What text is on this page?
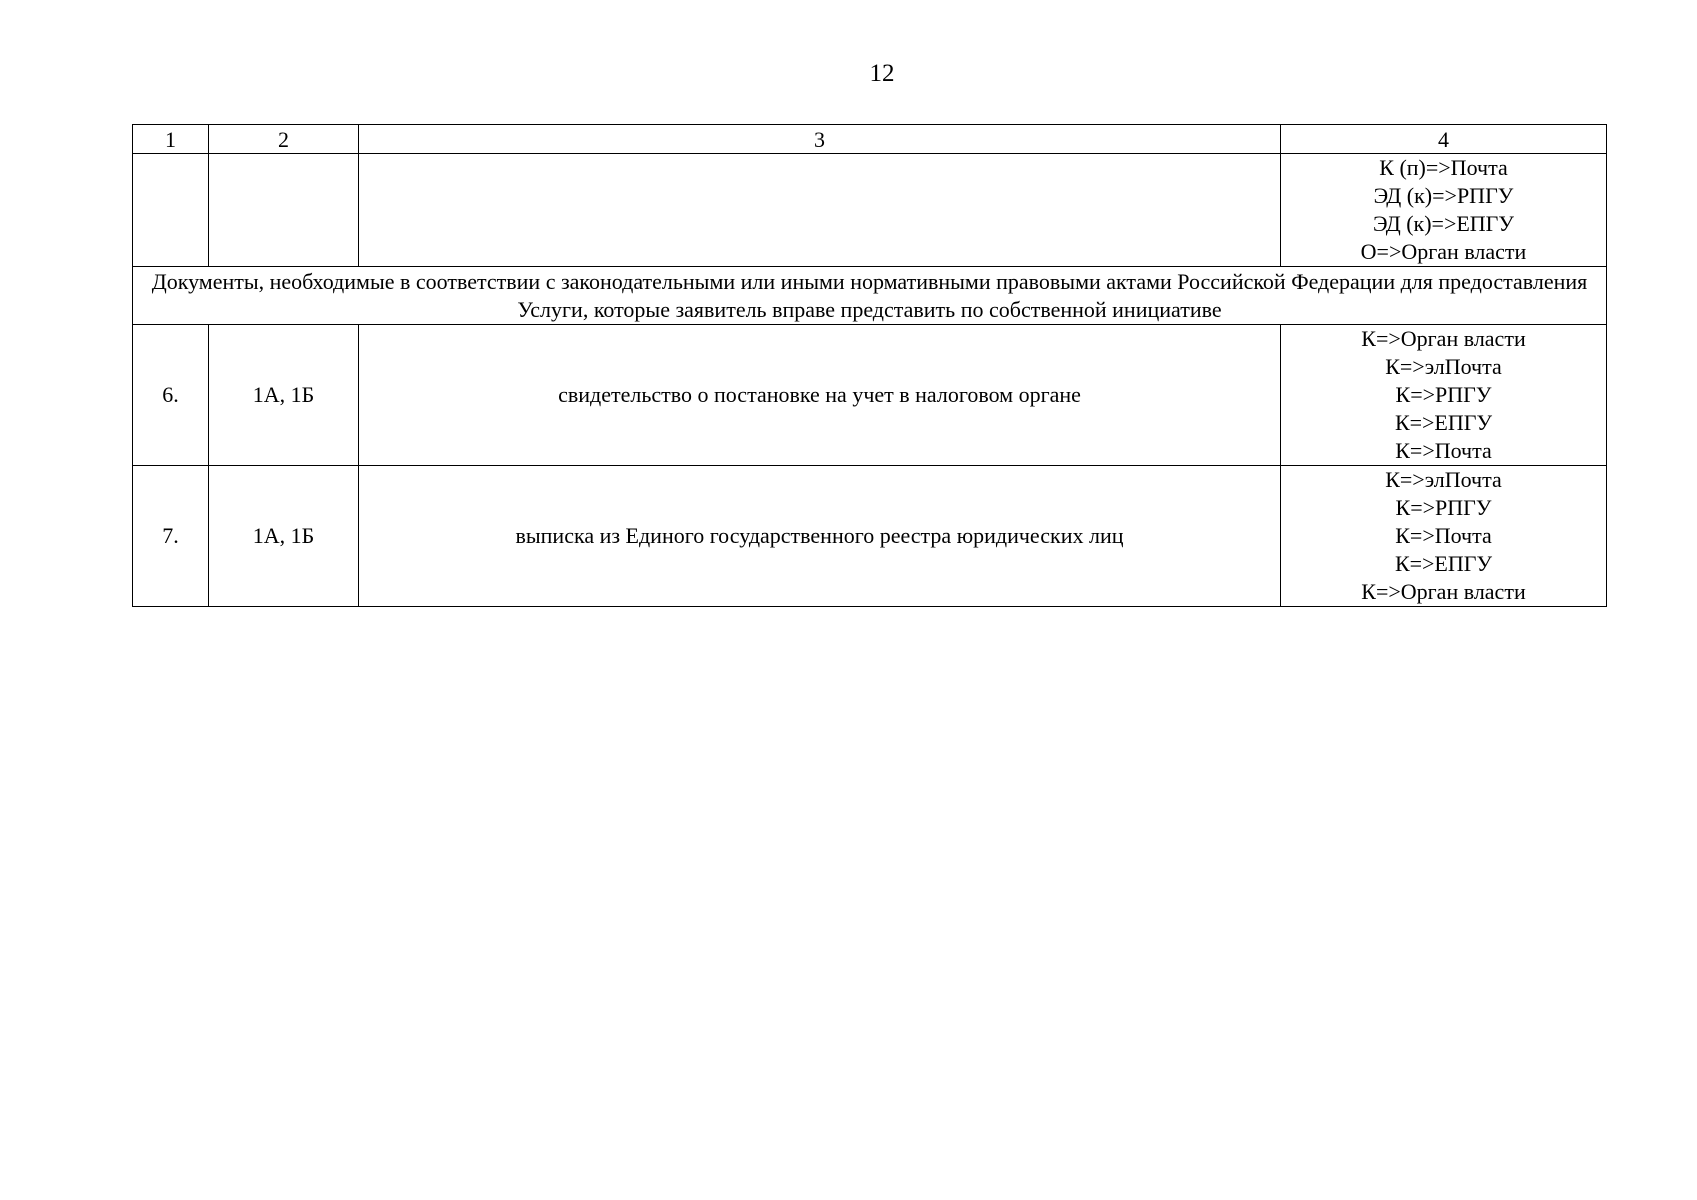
12
1	2	3	4

			К (п)=>Почта
ЭД (к)=>РПГУ
ЭД (к)=>ЕПГУ
О=>Орган власти

Документы, необходимые в соответствии с законодательными или иными нормативными правовыми актами Российской Федерации для предоставления Услуги, которые заявитель вправе представить по собственной инициативе			
6.	1А, 1Б	свидетельство о постановке на учет в налоговом органе	К=>Орган власти
К=>элПочта
К=>РПГУ
К=>ЕПГУ
К=>Почта

7.	1А, 1Б	выписка из Единого государственного реестра юридических лиц	К=>элПочта
К=>РПГУ
К=>Почта
К=>ЕПГУ
К=>Орган власти
